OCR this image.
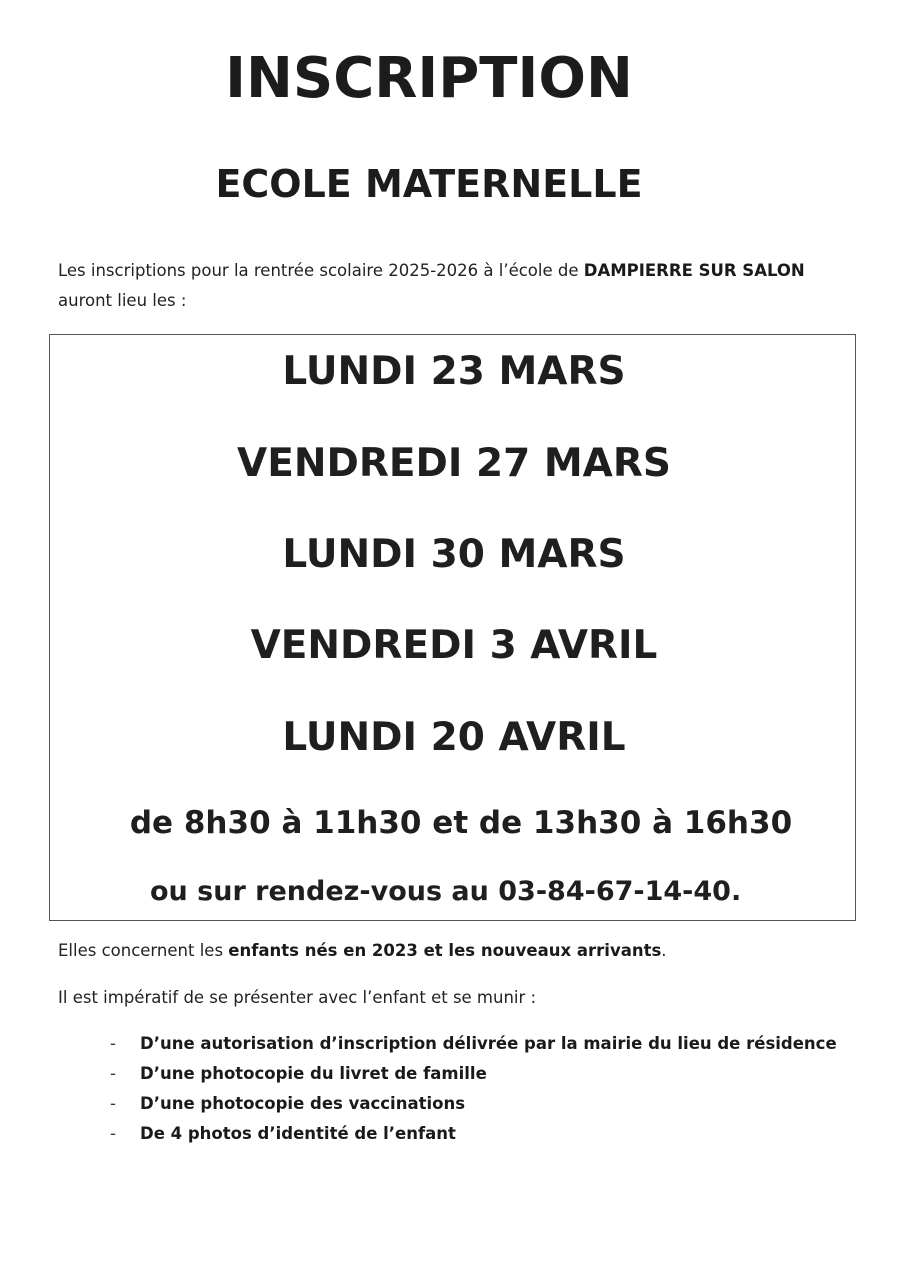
INSCRIPTION
ECOLE MATERNELLE
Les inscriptions pour la rentrée scolaire 2025-2026 à l’école de DAMPIERRE SUR SALON
auront lieu les :
LUNDI 23 MARS
VENDREDI 27 MARS
LUNDI 30 MARS
VENDREDI 3 AVRIL
LUNDI 20 AVRIL
de 8h30 à 11h30 et de 13h30 à 16h30
ou sur rendez-vous au 03-84-67-14-40.
Elles concernent les enfants nés en 2023 et les nouveaux arrivants.
Il est impératif de se présenter avec l’enfant et se munir :
- D’une autorisation d’inscription délivrée par la mairie du lieu de résidence
- D’une photocopie du livret de famille
- D’une photocopie des vaccinations
- De 4 photos d’identité de l’enfant
